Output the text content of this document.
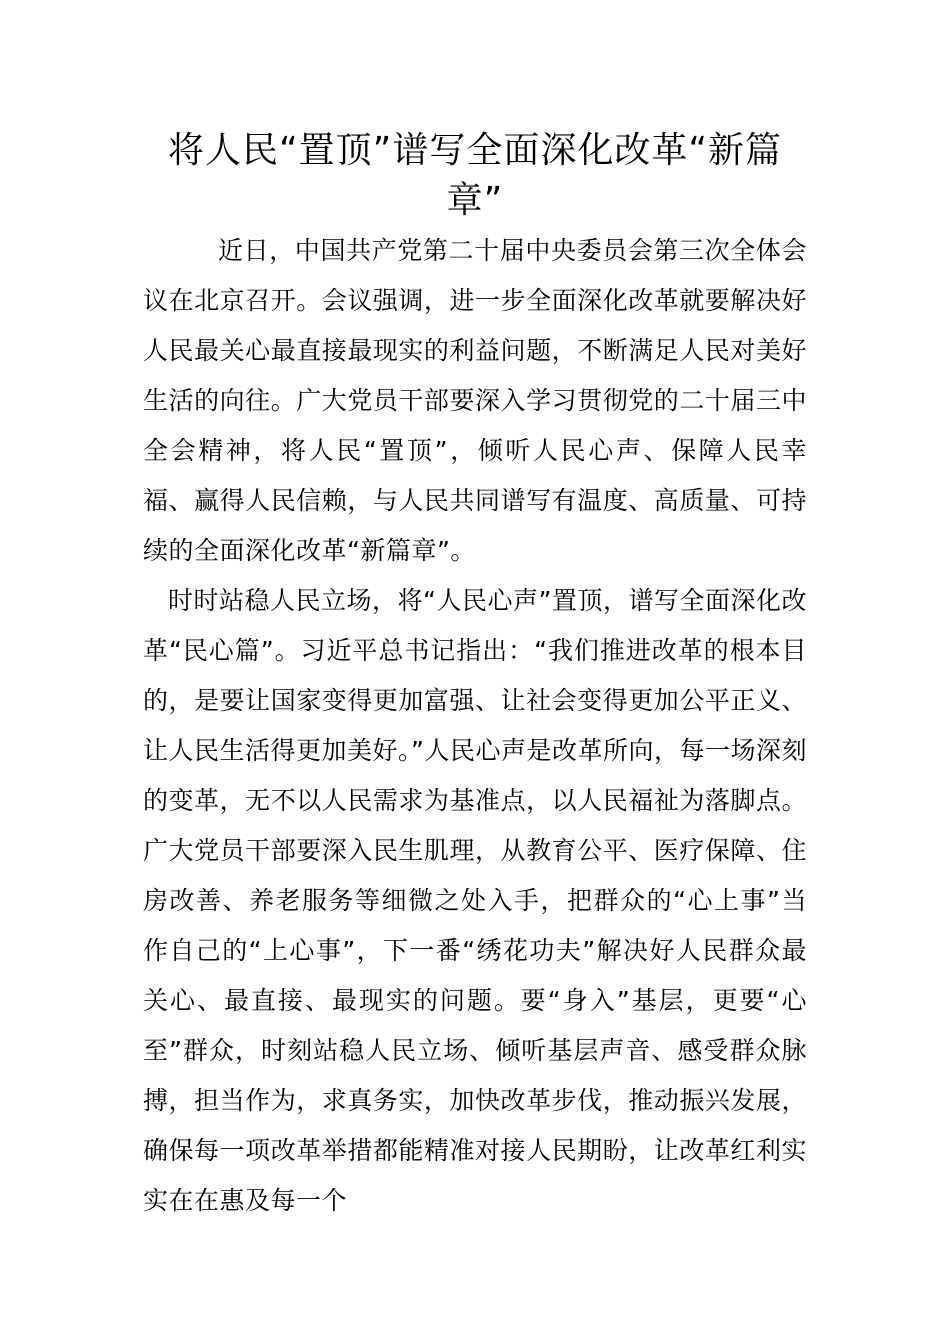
将人民“置顶”谱写全面深化改革“新篇章”

近日，中国共产党第二十届中央委员会第三次全体会议在北京召开。会议强调，进一步全面深化改革就要解决好人民最关心最直接最现实的利益问题，不断满足人民对美好生活的向往。广大党员干部要深入学习贯彻党的二十届三中全会精神，将人民“置顶”，倾听人民心声、保障人民幸福、赢得人民信赖，与人民共同谱写有温度、高质量、可持续的全面深化改革“新篇章”。

时时站稳人民立场，将“人民心声”置顶，谱写全面深化改革“民心篇”。习近平总书记指出：“我们推进改革的根本目的，是要让国家变得更加富强、让社会变得更加公平正义、让人民生活得更加美好。”人民心声是改革所向，每一场深刻的变革，无不以人民需求为基准点，以人民福祉为落脚点。广大党员干部要深入民生肌理，从教育公平、医疗保障、住房改善、养老服务等细微之处入手，把群众的“心上事”当作自己的“上心事”，下一番“绣花功夫”解决好人民群众最关心、最直接、最现实的问题。要“身入”基层，更要“心至”群众，时刻站稳人民立场、倾听基层声音、感受群众脉搏，担当作为，求真务实，加快改革步伐，推动振兴发展，确保每一项改革举措都能精准对接人民期盼，让改革红利实实在在惠及每一个
